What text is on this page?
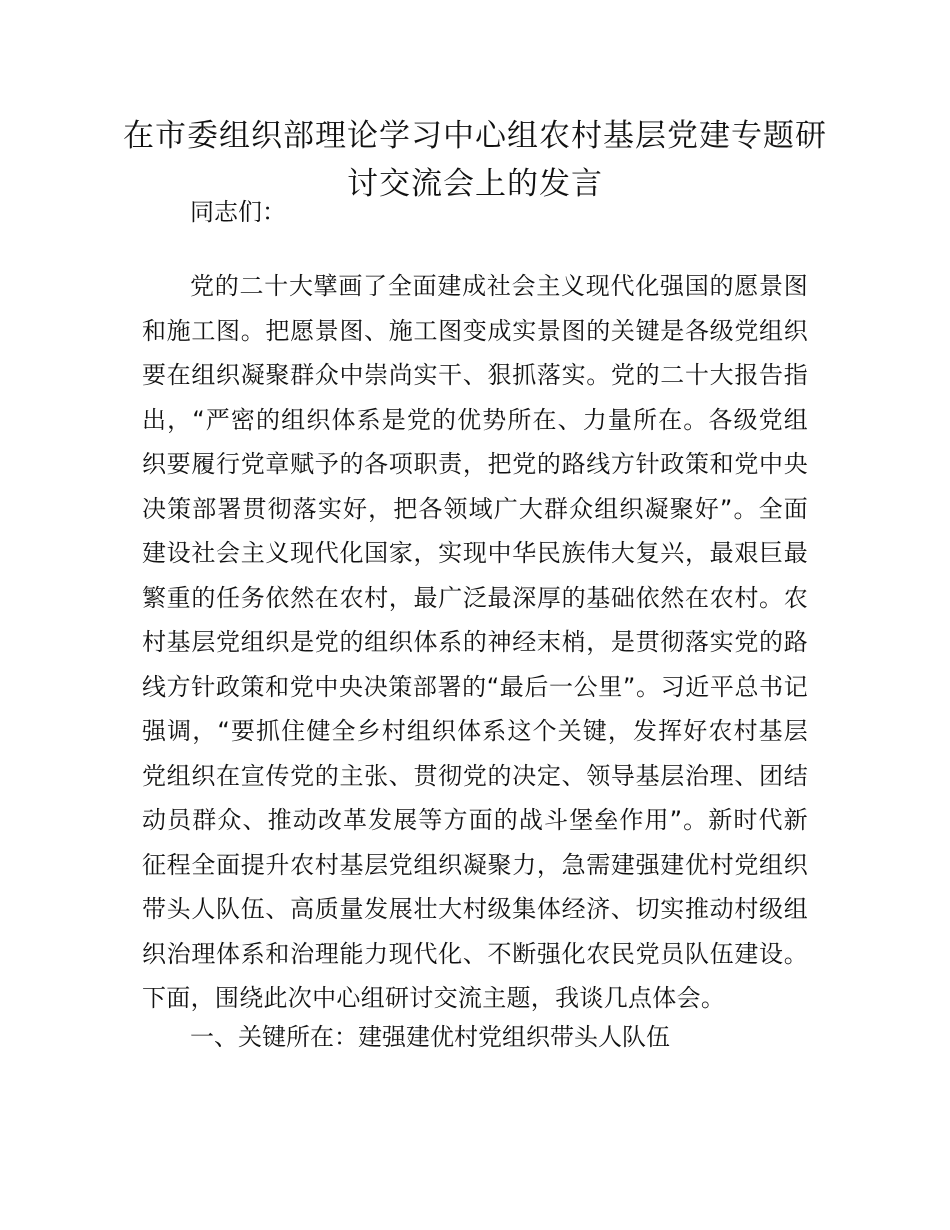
在市委组织部理论学习中心组农村基层党建专题研讨交流会上的发言
同志们：

党的二十大擘画了全面建成社会主义现代化强国的愿景图和施工图。把愿景图、施工图变成实景图的关键是各级党组织要在组织凝聚群众中崇尚实干、狠抓落实。党的二十大报告指出，“严密的组织体系是党的优势所在、力量所在。各级党组织要履行党章赋予的各项职责，把党的路线方针政策和党中央决策部署贯彻落实好，把各领域广大群众组织凝聚好”。全面建设社会主义现代化国家，实现中华民族伟大复兴，最艰巨最繁重的任务依然在农村，最广泛最深厚的基础依然在农村。农村基层党组织是党的组织体系的神经末梢，是贯彻落实党的路线方针政策和党中央决策部署的“最后一公里”。习近平总书记强调，“要抓住健全乡村组织体系这个关键，发挥好农村基层党组织在宣传党的主张、贯彻党的决定、领导基层治理、团结动员群众、推动改革发展等方面的战斗堡垒作用”。新时代新征程全面提升农村基层党组织凝聚力，急需建强建优村党组织带头人队伍、高质量发展壮大村级集体经济、切实推动村级组织治理体系和治理能力现代化、不断强化农民党员队伍建设。下面，围绕此次中心组研讨交流主题，我谈几点体会。

一、关键所在：建强建优村党组织带头人队伍
